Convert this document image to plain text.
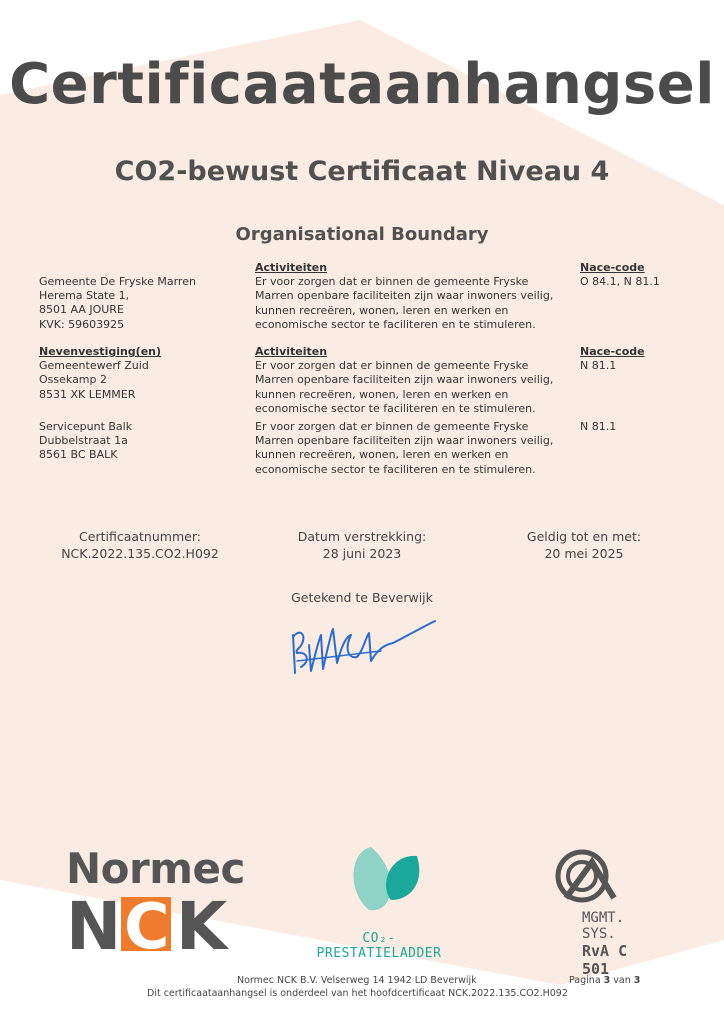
Certificaataanhangsel
CO2-bewust Certificaat Niveau 4
Organisational Boundary
Gemeente De Fryske Marren
Herema State 1,
8501 AA JOURE
KVK: 59603925
Activiteiten
Er voor zorgen dat er binnen de gemeente Fryske
Marren openbare faciliteiten zijn waar inwoners veilig,
kunnen recreëren, wonen, leren en werken en
economische sector te faciliteren en te stimuleren.
Nace-code
O 84.1, N 81.1
Nevenvestiging(en)
Gemeentewerf Zuid
Ossekamp 2
8531 XK LEMMER
Activiteiten
Er voor zorgen dat er binnen de gemeente Fryske
Marren openbare faciliteiten zijn waar inwoners veilig,
kunnen recreëren, wonen, leren en werken en
economische sector te faciliteren en te stimuleren.
Nace-code
N 81.1
Servicepunt Balk
Dubbelstraat 1a
8561 BC BALK
Er voor zorgen dat er binnen de gemeente Fryske
Marren openbare faciliteiten zijn waar inwoners veilig,
kunnen recreëren, wonen, leren en werken en
economische sector te faciliteren en te stimuleren.
N 81.1
Certificaatnummer:
NCK.2022.135.CO2.H092
Datum verstrekking:
28 juni 2023
Geldig tot en met:
20 mei 2025
Getekend te Beverwijk
Normec
N C K	CO₂-PRESTATIELADDER
MGMT. SYS.
RvA C 501
Normec NCK B.V. Velserweg 14 1942 LD Beverwijk	Pagina 3 van 3
Dit certificaataanhangsel is onderdeel van het hoofdcertificaat NCK.2022.135.CO2.H092
